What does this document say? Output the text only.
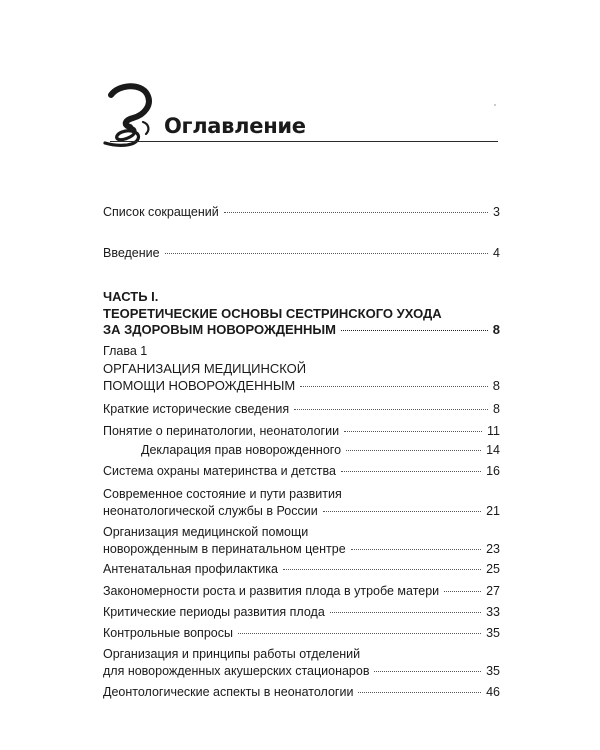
Оглавление
Список сокращений	3
Введение	4
ЧАСТЬ I.
ТЕОРЕТИЧЕСКИЕ ОСНОВЫ СЕСТРИНСКОГО УХОДА
ЗА ЗДОРОВЫМ НОВОРОЖДЕННЫМ	8
Глава 1
ОРГАНИЗАЦИЯ МЕДИЦИНСКОЙ
ПОМОЩИ НОВОРОЖДЕННЫМ	8
Краткие исторические сведения	8
Понятие о перинатологии, неонатологии	11
Декларация прав новорожденного	14
Система охраны материнства и детства	16
Современное состояние и пути развития
неонатологической службы в России	21
Организация медицинской помощи
новорожденным в перинатальном центре	23
Антенатальная профилактика	25
Закономерности роста и развития плода в утробе матери	27
Критические периоды развития плода	33
Контрольные вопросы	35
Организация и принципы работы отделений
для новорожденных акушерских стационаров	35
Деонтологические аспекты в неонатологии	46
